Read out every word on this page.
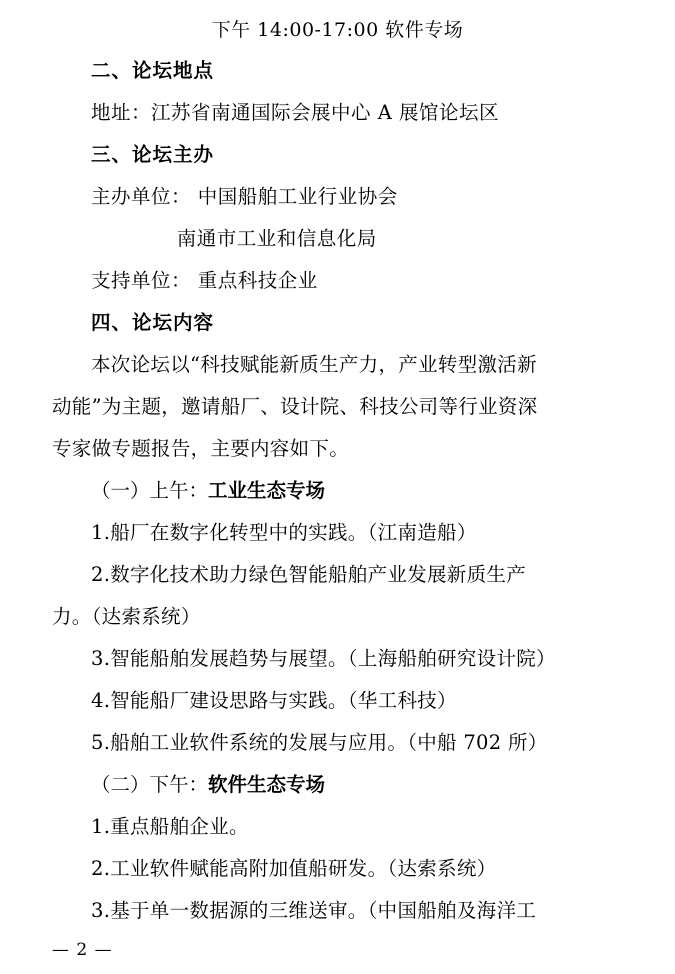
下午 14:00-17:00 软件专场
二、论坛地点
地址：江苏省南通国际会展中心 A 展馆论坛区
三、论坛主办
主办单位： 中国船舶工业行业协会
南通市工业和信息化局
支持单位： 重点科技企业
四、论坛内容
本次论坛以“科技赋能新质生产力，产业转型激活新
动能”为主题，邀请船厂、设计院、科技公司等行业资深
专家做专题报告，主要内容如下。
（一）上午：工业生态专场
1.船厂在数字化转型中的实践。（江南造船）
2.数字化技术助力绿色智能船舶产业发展新质生产
力。（达索系统）
3.智能船舶发展趋势与展望。（上海船舶研究设计院）
4.智能船厂建设思路与实践。（华工科技）
5.船舶工业软件系统的发展与应用。（中船 702 所）
（二）下午：软件生态专场
1.重点船舶企业。
2.工业软件赋能高附加值船研发。（达索系统）
3.基于单一数据源的三维送审。（中国船舶及海洋工
— 2 —
